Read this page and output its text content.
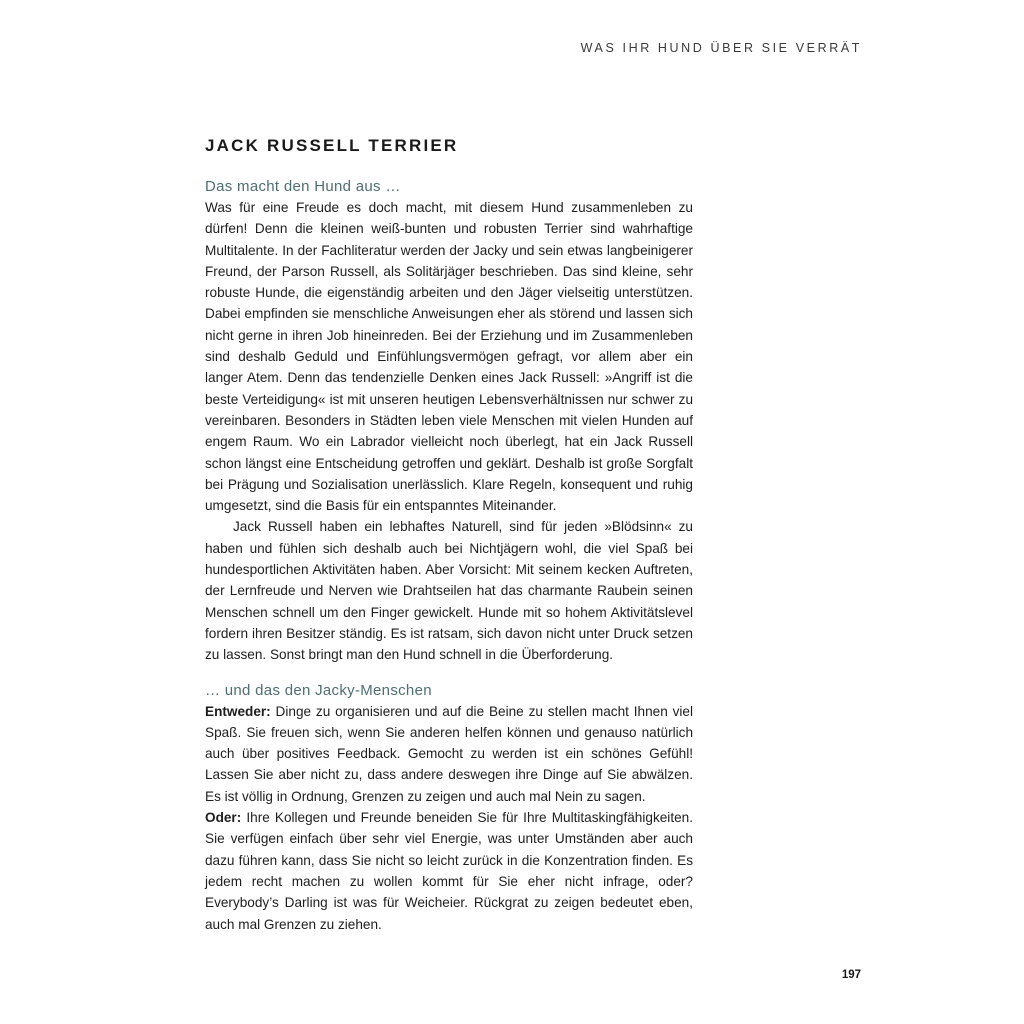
WAS IHR HUND ÜBER SIE VERRÄT
JACK RUSSELL TERRIER
Das macht den Hund aus …

Was für eine Freude es doch macht, mit diesem Hund zusammenleben zu dürfen! Denn die kleinen weiß-bunten und robusten Terrier sind wahrhaftige Multitalente. In der Fachliteratur werden der Jacky und sein etwas langbeinigerer Freund, der Parson Russell, als Solitärjäger beschrieben. Das sind kleine, sehr robuste Hunde, die eigenständig arbeiten und den Jäger vielseitig unterstützen. Dabei empfinden sie menschliche Anweisungen eher als störend und lassen sich nicht gerne in ihren Job hineinreden. Bei der Erziehung und im Zusammenleben sind deshalb Geduld und Einfühlungsvermögen gefragt, vor allem aber ein langer Atem. Denn das tendenzielle Denken eines Jack Russell: »Angriff ist die beste Verteidigung« ist mit unseren heutigen Lebensverhältnissen nur schwer zu vereinbaren. Besonders in Städten leben viele Menschen mit vielen Hunden auf engem Raum. Wo ein Labrador vielleicht noch überlegt, hat ein Jack Russell schon längst eine Entscheidung getroffen und geklärt. Deshalb ist große Sorgfalt bei Prägung und Sozialisation unerlässlich. Klare Regeln, konsequent und ruhig umgesetzt, sind die Basis für ein entspanntes Miteinander.

Jack Russell haben ein lebhaftes Naturell, sind für jeden »Blödsinn« zu haben und fühlen sich deshalb auch bei Nichtjägern wohl, die viel Spaß bei hundesportlichen Aktivitäten haben. Aber Vorsicht: Mit seinem kecken Auftreten, der Lernfreude und Nerven wie Drahtseilen hat das charmante Raubein seinen Menschen schnell um den Finger gewickelt. Hunde mit so hohem Aktivitätslevel fordern ihren Besitzer ständig. Es ist ratsam, sich davon nicht unter Druck setzen zu lassen. Sonst bringt man den Hund schnell in die Überforderung.

… und das den Jacky-Menschen

Entweder: Dinge zu organisieren und auf die Beine zu stellen macht Ihnen viel Spaß. Sie freuen sich, wenn Sie anderen helfen können und genauso natürlich auch über positives Feedback. Gemocht zu werden ist ein schönes Gefühl! Lassen Sie aber nicht zu, dass andere deswegen ihre Dinge auf Sie abwälzen. Es ist völlig in Ordnung, Grenzen zu zeigen und auch mal Nein zu sagen.

Oder: Ihre Kollegen und Freunde beneiden Sie für Ihre Multitaskingfähigkeiten. Sie verfügen einfach über sehr viel Energie, was unter Umständen aber auch dazu führen kann, dass Sie nicht so leicht zurück in die Konzentration finden. Es jedem recht machen zu wollen kommt für Sie eher nicht infrage, oder? Everybody’s Darling ist was für Weicheier. Rückgrat zu zeigen bedeutet eben, auch mal Grenzen zu ziehen.

197
